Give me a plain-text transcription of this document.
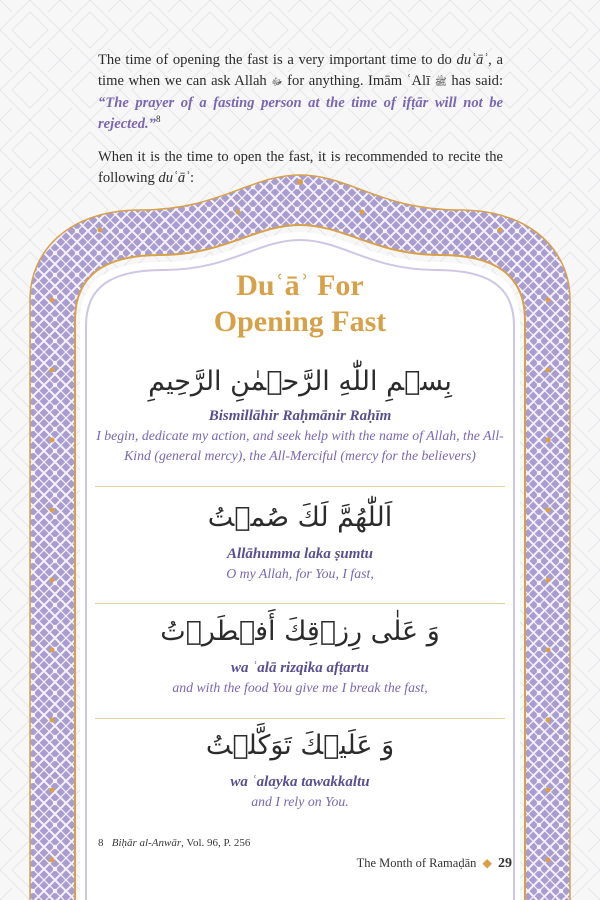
The time of opening the fast is a very important time to do duʿāʾ, a time when we can ask Allah ﷻ for anything. Imām ʿAlī ﷺ has said: “The prayer of a fasting person at the time of ifṭār will not be rejected.”$^8$

When it is the time to open the fast, it is recommended to recite the following duʿāʾ:

Duʿāʾ For

Opening Fast

بِسۡمِ اللّٰهِ الرَّحۡمٰنِ الرَّحِيمِ
Bismillāhir Raḥmānir Raḥīm
I begin, dedicate my action, and seek help with the name of Allah, the All-Kind (general mercy), the All-Merciful (mercy for the believers)
اَللّٰهُمَّ لَكَ صُمۡتُ
Allāhumma laka ṣumtu
O my Allah, for You, I fast,
وَ عَلٰى رِزۡقِكَ أَفۡطَرۡتُ
wa ʿalā rizqika afṭartu
and with the food You give me I break the fast,
وَ عَلَيۡكَ تَوَكَّلۡتُ
wa ʿalayka tawakkaltu
and I rely on You.
8 Biḥār al-Anwār, Vol. 96, P. 256
The Month of Ramaḍān ◆ 29
